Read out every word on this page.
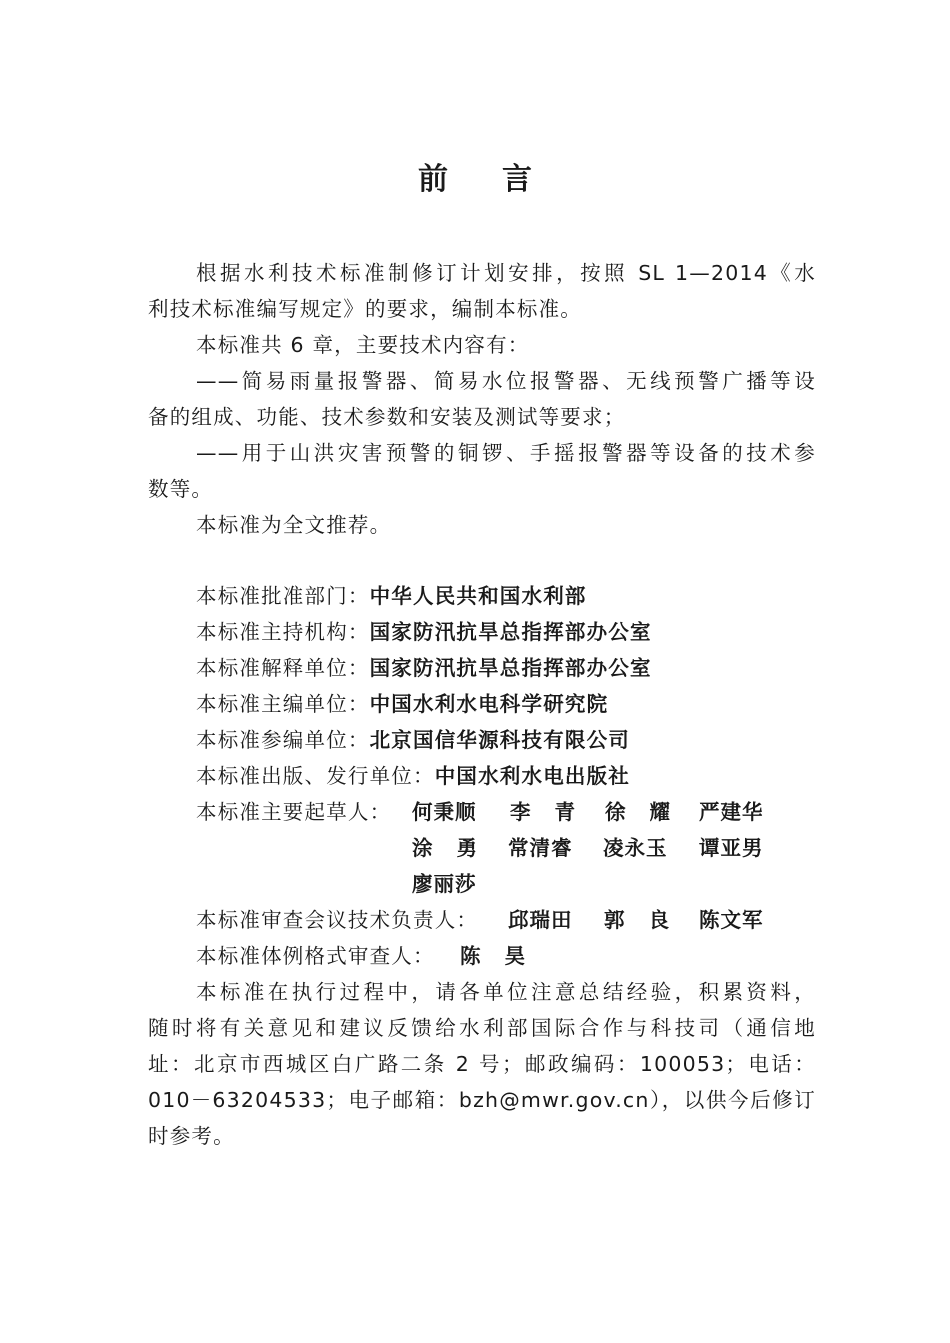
前言
根据水利技术标准制修订计划安排，按照 SL 1—2014《水
利技术标准编写规定》的要求，编制本标准。
本标准共 6 章，主要技术内容有：
——简易雨量报警器、简易水位报警器、无线预警广播等设
备的组成、功能、技术参数和安装及测试等要求；
——用于山洪灾害预警的铜锣、手摇报警器等设备的技术参
数等。
本标准为全文推荐。
本标准批准部门：中华人民共和国水利部
本标准主持机构：国家防汛抗旱总指挥部办公室
本标准解释单位：国家防汛抗旱总指挥部办公室
本标准主编单位：中国水利水电科学研究院
本标准参编单位：北京国信华源科技有限公司
本标准出版、发行单位：中国水利水电出版社
本标准主要起草人： 何秉顺 李青 徐耀 严建华
涂勇 常清睿 凌永玉 谭亚男
廖丽莎
本标准审查会议技术负责人： 邱瑞田 郭良 陈文军
本标准体例格式审查人： 陈昊
本标准在执行过程中，请各单位注意总结经验，积累资料，
随时将有关意见和建议反馈给水利部国际合作与科技司（通信地
址：北京市西城区白广路二条 2 号；邮政编码：100053；电话：
010－63204533；电子邮箱：bzh@mwr.gov.cn），以供今后修订
时参考。
